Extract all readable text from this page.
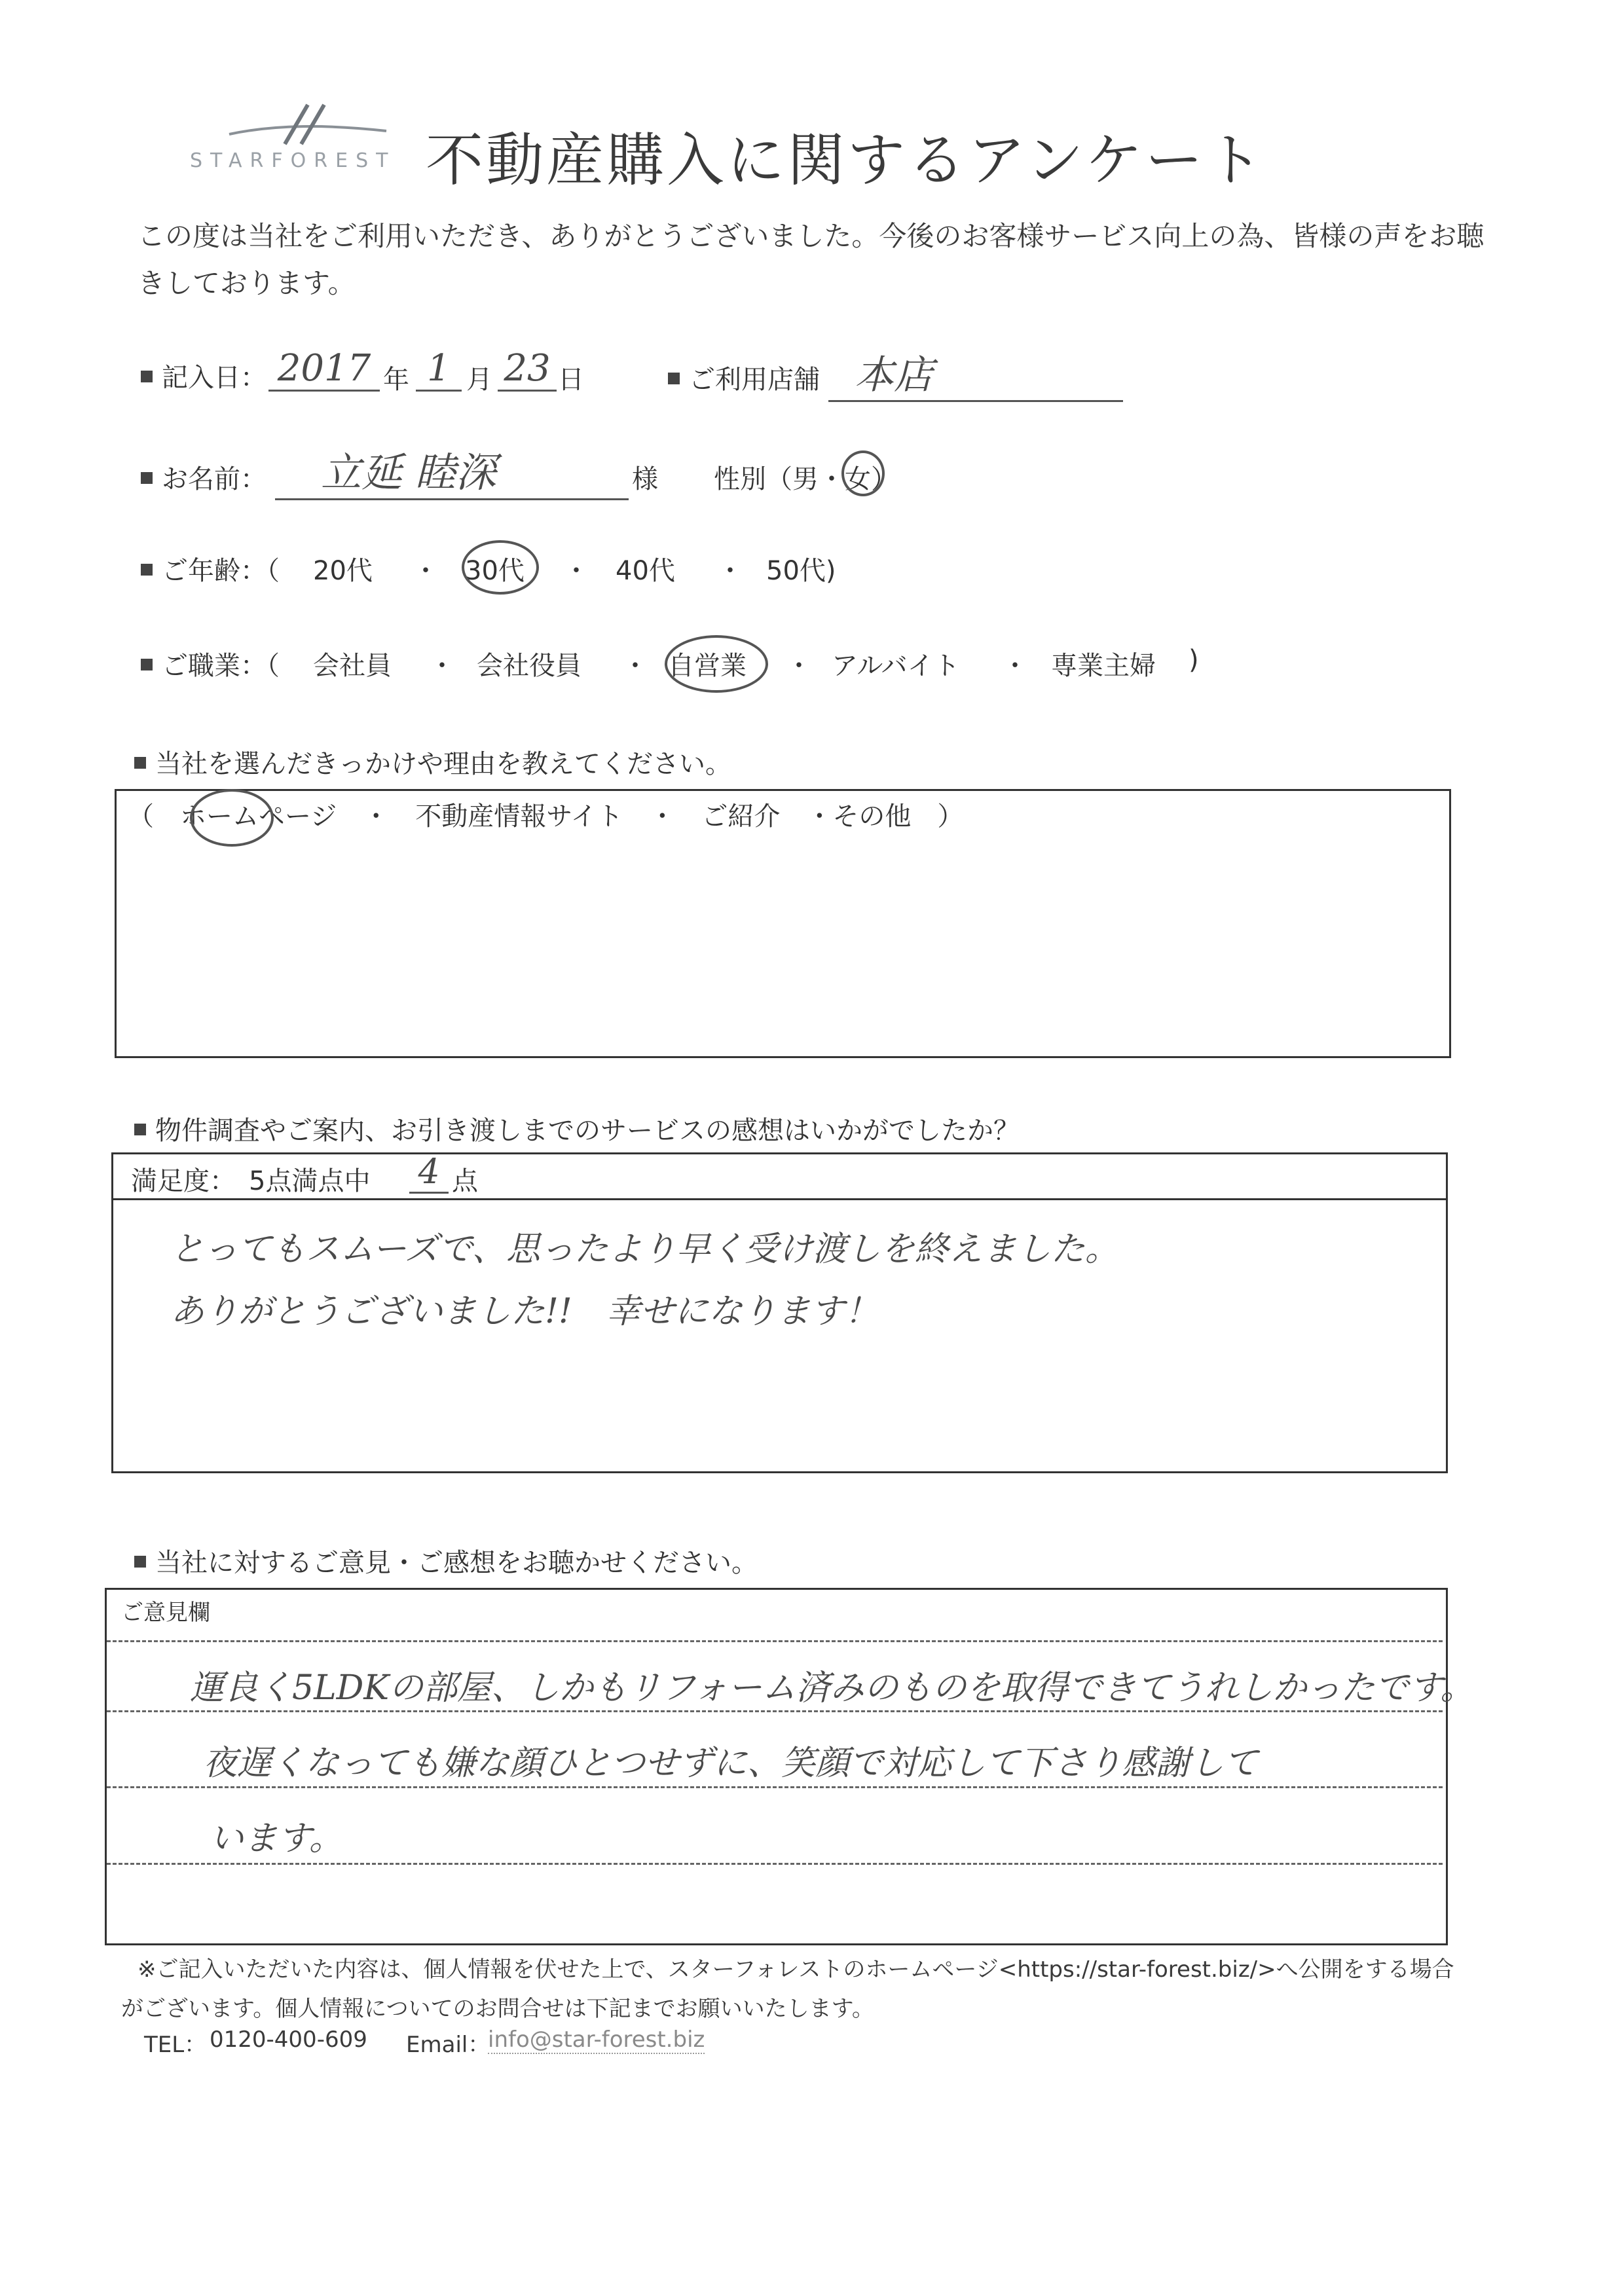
STARFOREST 不動産購入に関するアンケート
この度は当社をご利用いただき、ありがとうございました。今後のお客様サービス向上の為、皆様の声をお聴きしております。
記入日： 2017 年 1 月 23 日	ご利用店舗 本店
お名前：	立延 睦深	様 性別（男・女）
ご年齢：（ 20代 ・ 30代 ・ 40代 ・ 50代)
ご職業：（ 会社員 ・ 会社役員 ・ 自営業 ・ アルバイト ・ 専業主婦 )
当社を選んだきっかけや理由を教えてください。
（　ホームページ　・　不動産情報サイト　・　ご紹介　・その他　）
物件調査やご案内、お引き渡しまでのサービスの感想はいかがでしたか？
満足度：　5点満点中 4 点
とってもスムーズで、思ったより早く受け渡しを終えました。
ありがとうございました!!　幸せになります！
当社に対するご意見・ご感想をお聴かせください。
ご意見欄
運良く5LDKの部屋、しかもリフォーム済みのものを取得できてうれしかったです。
夜遅くなっても嫌な顔ひとつせずに、笑顔で対応して下さり感謝して
います。
※ご記入いただいた内容は、個人情報を伏せた上で、スターフォレストのホームページ<https://star-forest.biz/>へ公開をする場合
がございます。個人情報についてのお問合せは下記までお願いいたします。
TEL： 0120-400-609 Email：
info@star-forest.biz
